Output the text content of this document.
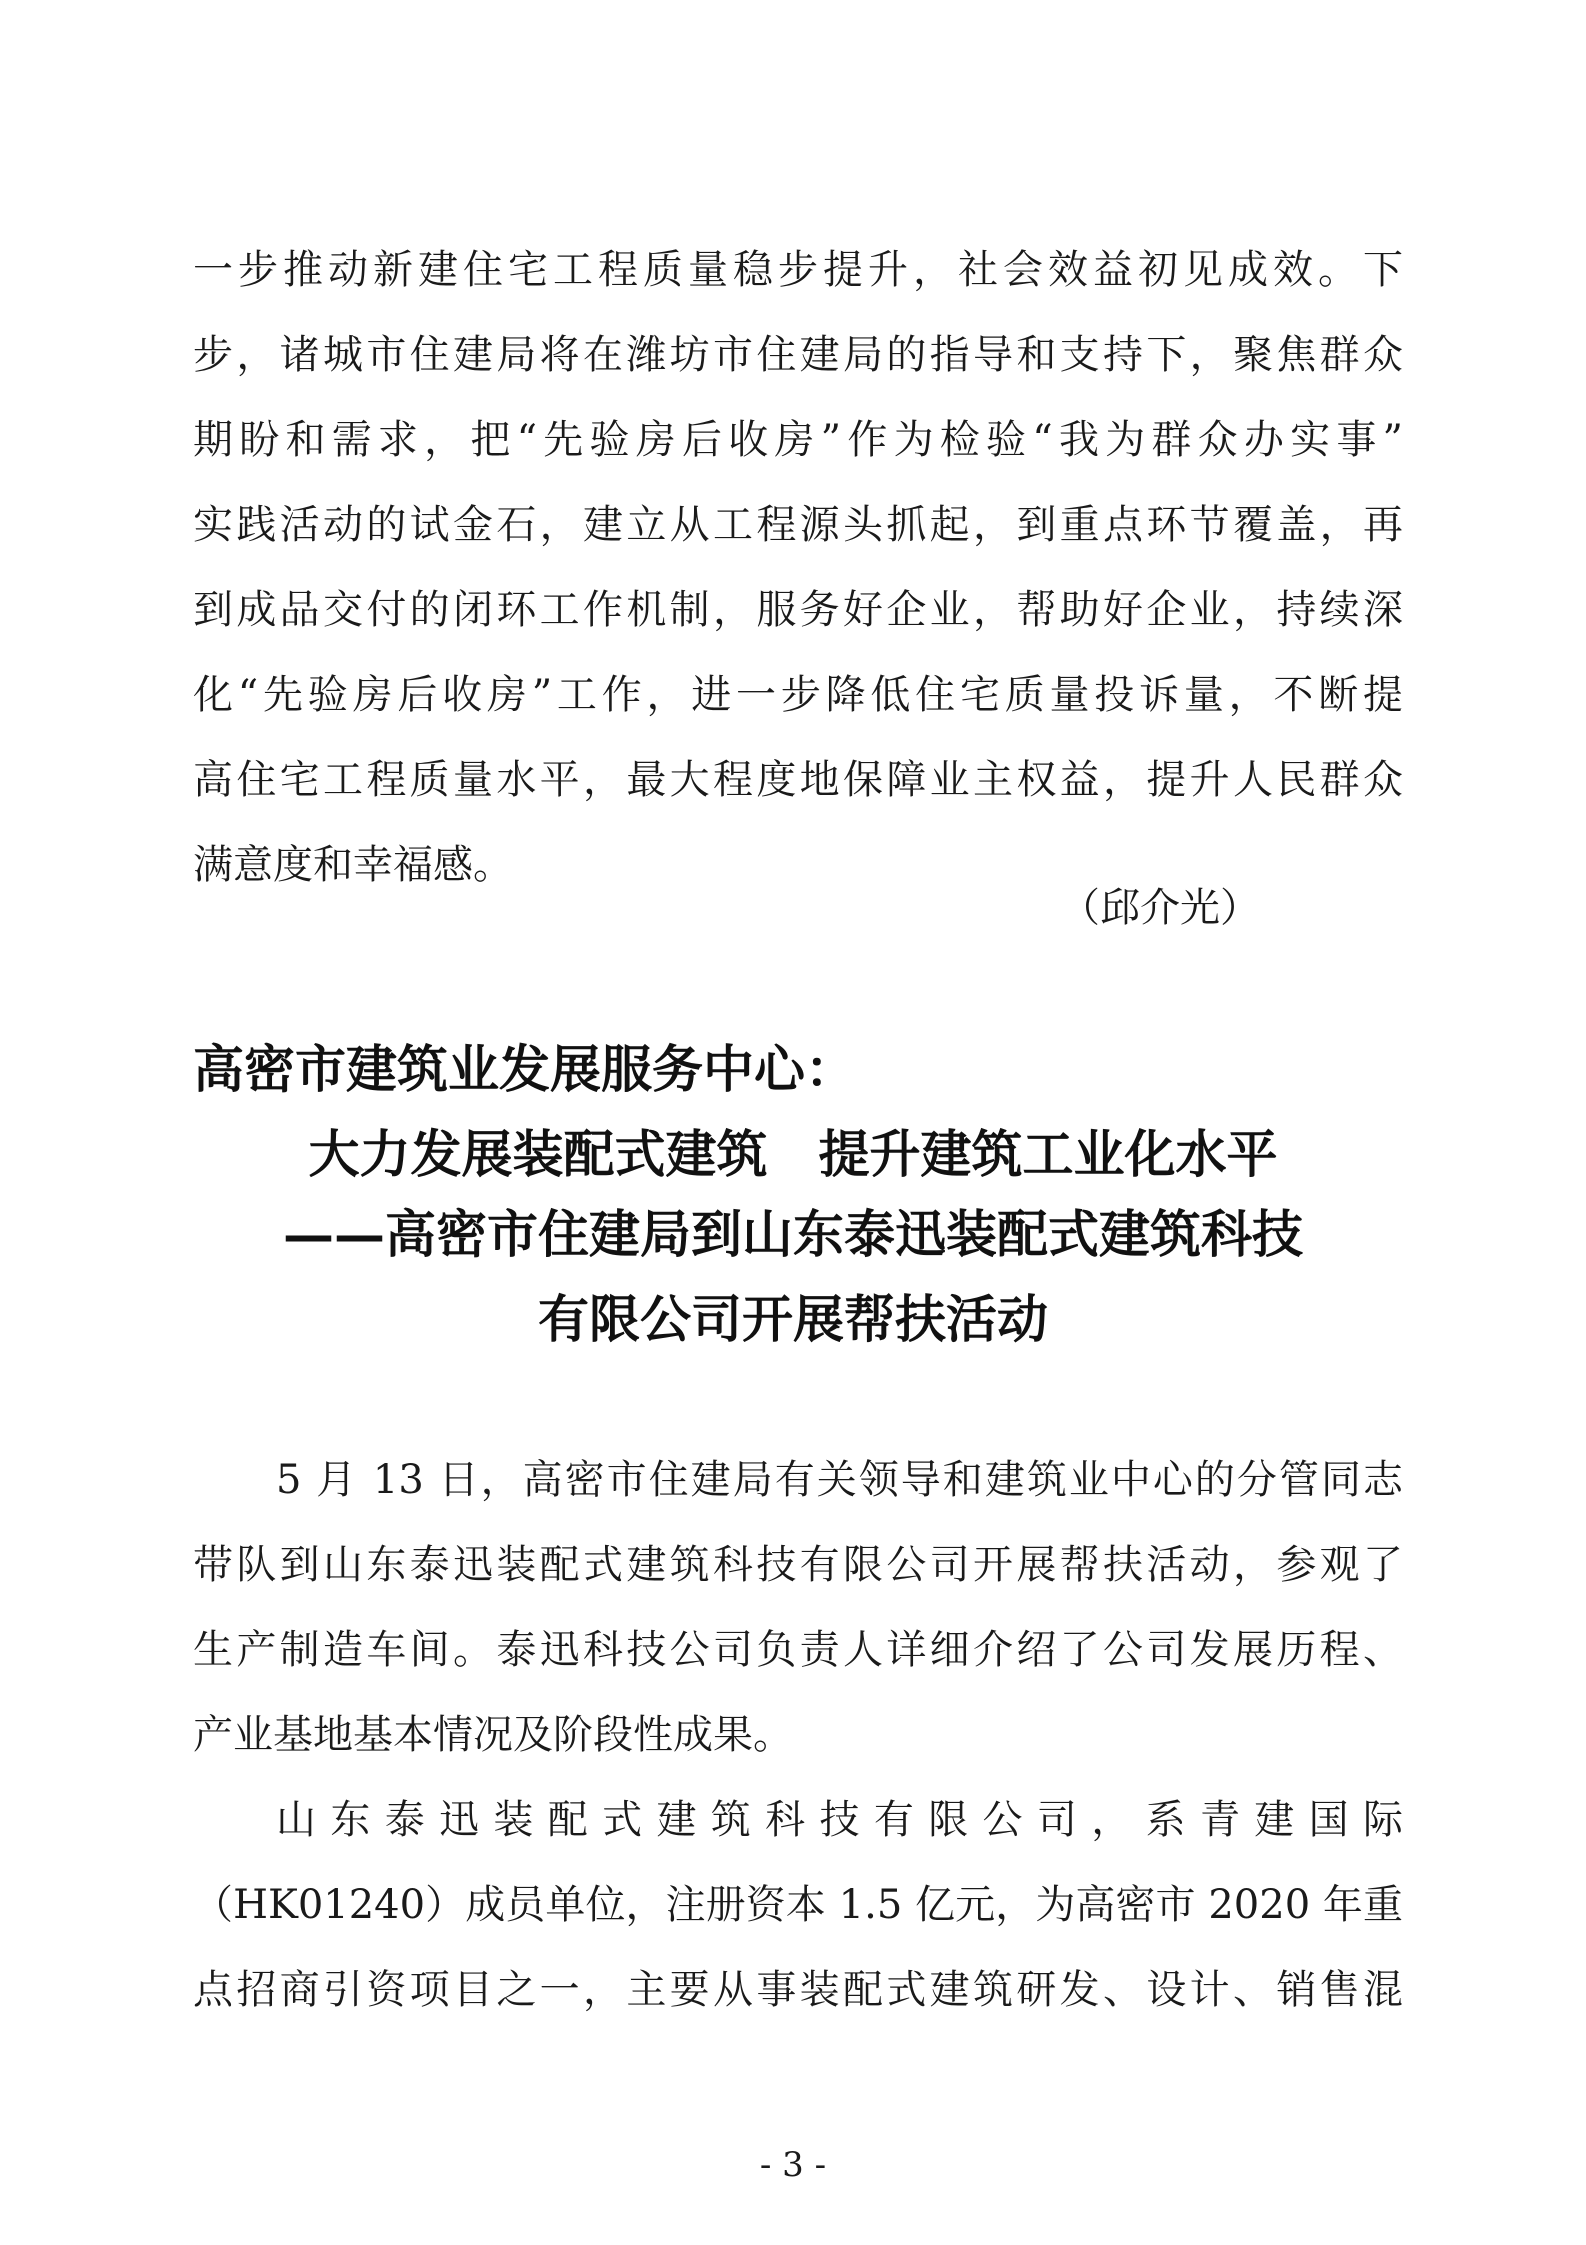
一步推动新建住宅工程质量稳步提升，社会效益初见成效。下
步，诸城市住建局将在潍坊市住建局的指导和支持下，聚焦群众
期盼和需求，把“先验房后收房”作为检验“我为群众办实事”
实践活动的试金石，建立从工程源头抓起，到重点环节覆盖，再
到成品交付的闭环工作机制，服务好企业，帮助好企业，持续深
化“先验房后收房”工作，进一步降低住宅质量投诉量，不断提
高住宅工程质量水平，最大程度地保障业主权益，提升人民群众
满意度和幸福感。
（邱介光）
高密市建筑业发展服务中心：
大力发展装配式建筑　提升建筑工业化水平
——高密市住建局到山东泰迅装配式建筑科技
有限公司开展帮扶活动
5 月 13 日，高密市住建局有关领导和建筑业中心的分管同志
带队到山东泰迅装配式建筑科技有限公司开展帮扶活动，参观了
生产制造车间。泰迅科技公司负责人详细介绍了公司发展历程、
产业基地基本情况及阶段性成果。
山东泰迅装配式建筑科技有限公司，系青建国际
（HK01240）成员单位，注册资本 1.5 亿元，为高密市 2020 年重
点招商引资项目之一，主要从事装配式建筑研发、设计、销售混
- 3 -
